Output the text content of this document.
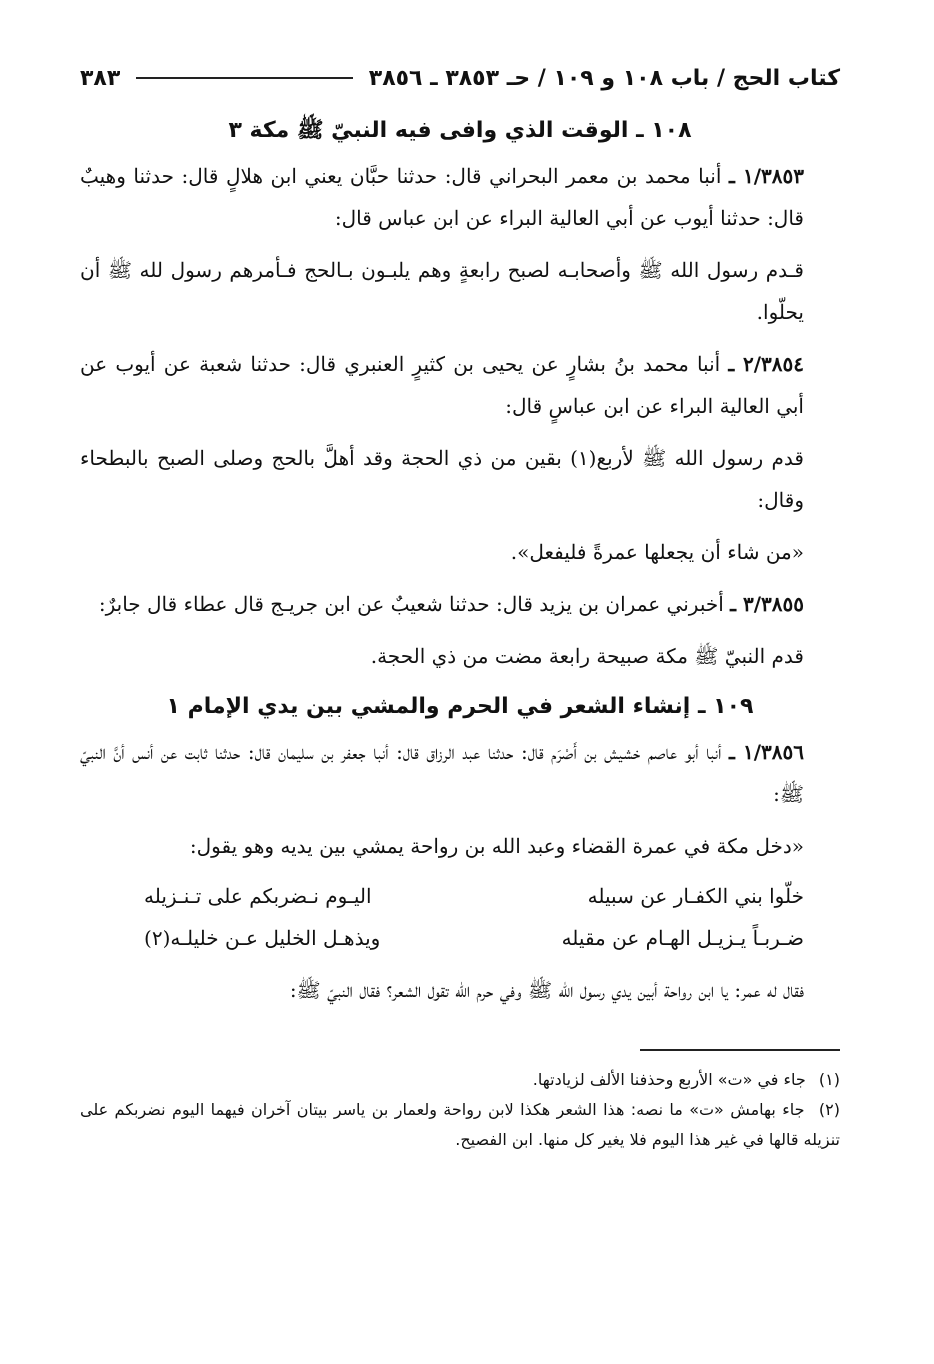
كتاب الحج / باب ١٠٨ و ١٠٩ / حـ ٣٨٥٣ ـ ٣٨٥٦
٣٨٣
١٠٨ ـ الوقت الذي وافى فيه النبيّ ﷺ مكة ٣

١/٣٨٥٣ ـ أنبا محمد بن معمر البحراني قال: حدثنا حبَّان يعني ابن هلالٍ قال: حدثنا وهيبٌ قال: حدثنا أيوب عن أبي العالية البراء عن ابن عباس قال:

قـدم رسول الله ﷺ وأصحابـه لصبح رابعةٍ وهم يلبـون بـالحج فـأمرهم رسول لله ﷺ أن يحلّوا.

٢/٣٨٥٤ ـ أنبا محمد بنُ بشارٍ عن يحيى بن كثيرٍ العنبري قال: حدثنا شعبة عن أيوب عن أبي العالية البراء عن ابن عباسٍ قال:

قدم رسول الله ﷺ لأربع(١) بقين من ذي الحجة وقد أهلَّ بالحج وصلى الصبح بالبطحاء وقال:

«من شاء أن يجعلها عمرةً فليفعل».

٣/٣٨٥٥ ـ أخبرني عمران بن يزيد قال: حدثنا شعيبٌ عن ابن جريـج قال عطاء قال جابرٌ:

قدم النبيّ ﷺ مكة صبيحة رابعة مضت من ذي الحجة.

١٠٩ ـ إنشاء الشعر في الحرم والمشي بين يدي الإمام ١

١/٣٨٥٦ ـ أنبا أبو عاصم خشيش بن أَصْرَم قال: حدثنا عبد الرزاق قال: أنبا جعفر بن سليمان قال: حدثنا ثابت عن أنس أنَّ النبيّ ﷺ:

«دخل مكة في عمرة القضاء وعبد الله بن رواحة يمشي بين يديه وهو يقول:

خلّوا بني الكفـار عن سبيله
اليـوم نـضربكم على تـنـزيله
ضـربـاً يـزيـل الهـام عن مقيله
ويذهـل الخليل عـن خليلـه(٢)

فقال له عمر: يا ابن رواحة أبين يدي رسول الله ﷺ وفي حرم الله تقول الشعر؟ فقال النبيّ ﷺ:

(١) جاء في «ت» الأربع وحذفنا الألف لزيادتها.

(٢) جاء بهامش «ت» ما نصه: هذا الشعر هكذا لابن رواحة ولعمار بن ياسر بيتان آخران فيهما اليوم نضربكم على تنزيله قالها في غير هذا اليوم فلا يغير كل منها. ابن الفصيح.
